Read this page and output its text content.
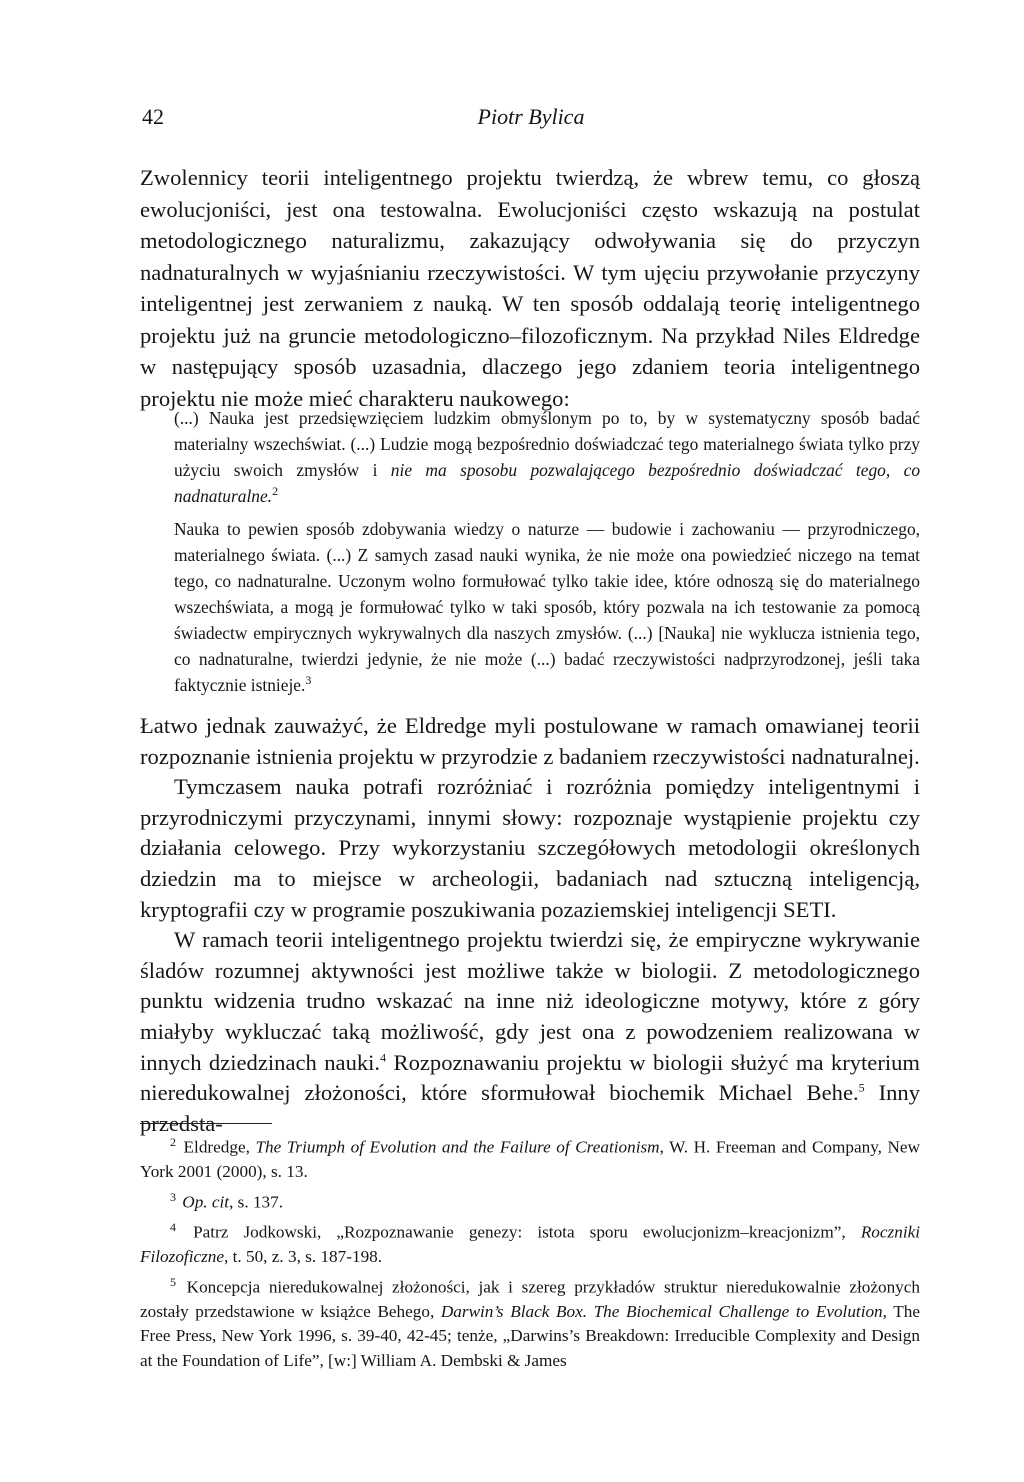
42	Piotr Bylica

Zwolennicy teorii inteligentnego projektu twierdzą, że wbrew temu, co głoszą ewolucjoniści, jest ona testowalna. Ewolucjoniści często wskazują na postulat metodologicznego naturalizmu, zakazujący odwoływania się do przyczyn nadnaturalnych w wyjaśnianiu rzeczywistości. W tym ujęciu przywołanie przyczyny inteligentnej jest zerwaniem z nauką. W ten sposób oddalają teorię inteligentnego projektu już na gruncie metodologiczno–filozoficznym. Na przykład Niles Eldredge w następujący sposób uzasadnia, dlaczego jego zdaniem teoria inteligentnego projektu nie może mieć charakteru naukowego:

(...) Nauka jest przedsięwzięciem ludzkim obmyślonym po to, by w systematyczny sposób badać materialny wszechświat. (...) Ludzie mogą bezpośrednio doświadczać tego materialnego świata tylko przy użyciu swoich zmysłów i nie ma sposobu pozwalającego bezpośrednio doświadczać tego, co nadnaturalne.$^2$

Nauka to pewien sposób zdobywania wiedzy o naturze — budowie i zachowaniu — przyrodniczego, materialnego świata. (...) Z samych zasad nauki wynika, że nie może ona powiedzieć niczego na temat tego, co nadnaturalne. Uczonym wolno formułować tylko takie idee, które odnoszą się do materialnego wszechświata, a mogą je formułować tylko w taki sposób, który pozwala na ich testowanie za pomocą świadectw empirycznych wykrywalnych dla naszych zmysłów. (...) [Nauka] nie wyklucza istnienia tego, co nadnaturalne, twierdzi jedynie, że nie może (...) badać rzeczywistości nadprzyrodzonej, jeśli taka faktycznie istnieje.$^3$

Łatwo jednak zauważyć, że Eldredge myli postulowane w ramach omawianej teorii rozpoznanie istnienia projektu w przyrodzie z badaniem rzeczywistości nadnaturalnej.

Tymczasem nauka potrafi rozróżniać i rozróżnia pomiędzy inteligentnymi i przyrodniczymi przyczynami, innymi słowy: rozpoznaje wystąpienie projektu czy działania celowego. Przy wykorzystaniu szczegółowych metodologii określonych dziedzin ma to miejsce w archeologii, badaniach nad sztuczną inteligencją, kryptografii czy w programie poszukiwania pozaziemskiej inteligencji SETI.

W ramach teorii inteligentnego projektu twierdzi się, że empiryczne wykrywanie śladów rozumnej aktywności jest możliwe także w biologii. Z metodologicznego punktu widzenia trudno wskazać na inne niż ideologiczne motywy, które z góry miałyby wykluczać taką możliwość, gdy jest ona z powodzeniem realizowana w innych dziedzinach nauki.$^4$ Rozpoznawaniu projektu w biologii służyć ma kryterium nieredukowalnej złożoności, które sformułował biochemik Michael Behe.$^5$ Inny przedsta-

$^2$ Eldredge, The Triumph of Evolution and the Failure of Creationism, W. H. Freeman and Company, New York 2001 (2000), s. 13.

$^3$ Op. cit, s. 137.

$^4$ Patrz Jodkowski, „Rozpoznawanie genezy: istota sporu ewolucjonizm–kreacjonizm”, Roczniki Filozoficzne, t. 50, z. 3, s. 187-198.

$^5$ Koncepcja nieredukowalnej złożoności, jak i szereg przykładów struktur nieredukowalnie złożonych zostały przedstawione w książce Behego, Darwin’s Black Box. The Biochemical Challenge to Evolution, The Free Press, New York 1996, s. 39-40, 42-45; tenże, „Darwins’s Breakdown: Irreducible Complexity and Design at the Foundation of Life”, [w:] William A. Dembski & James
